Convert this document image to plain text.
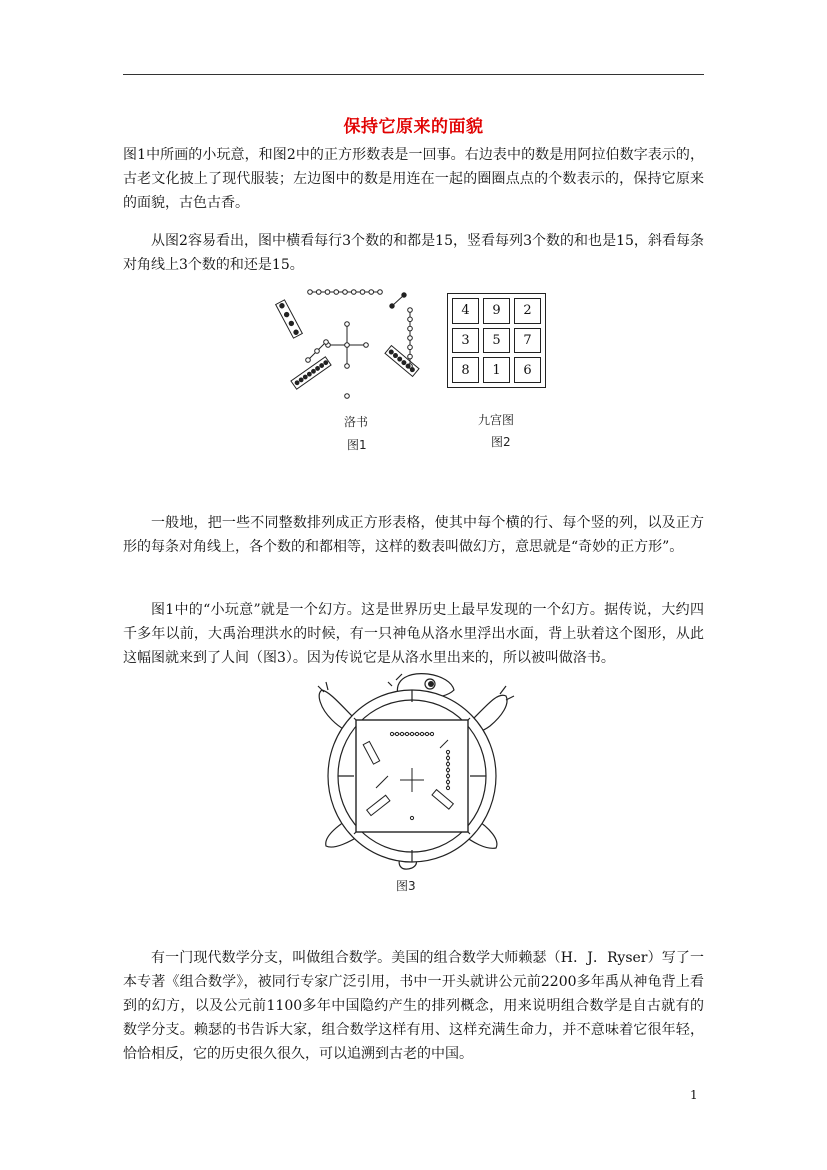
保持它原来的面貌

图1中所画的小玩意，和图2中的正方形数表是一回事。右边表中的数是用阿拉伯数字表示的，古老文化披上了现代服装；左边图中的数是用连在一起的圈圈点点的个数表示的，保持它原来的面貌，古色古香。

从图2容易看出，图中横看每行3个数的和都是15，竖看每列3个数的和也是15，斜看每条对角线上3个数的和还是15。

洛书
图1
4	9	2
3	5	7
8	1	6
九宫图
图2

一般地，把一些不同整数排列成正方形表格，使其中每个横的行、每个竖的列，以及正方形的每条对角线上，各个数的和都相等，这样的数表叫做幻方，意思就是“奇妙的正方形”。

图1中的“小玩意”就是一个幻方。这是世界历史上最早发现的一个幻方。据传说，大约四千多年以前，大禹治理洪水的时候，有一只神龟从洛水里浮出水面，背上驮着这个图形，从此这幅图就来到了人间（图3）。因为传说它是从洛水里出来的，所以被叫做洛书。

图3

有一门现代数学分支，叫做组合数学。美国的组合数学大师赖瑟（H．J．Ryser）写了一本专著《组合数学》，被同行专家广泛引用，书中一开头就讲公元前2200多年禹从神龟背上看到的幻方，以及公元前1100多年中国隐约产生的排列概念，用来说明组合数学是自古就有的数学分支。赖瑟的书告诉大家，组合数学这样有用、这样充满生命力，并不意味着它很年轻，恰恰相反，它的历史很久很久，可以追溯到古老的中国。

1
